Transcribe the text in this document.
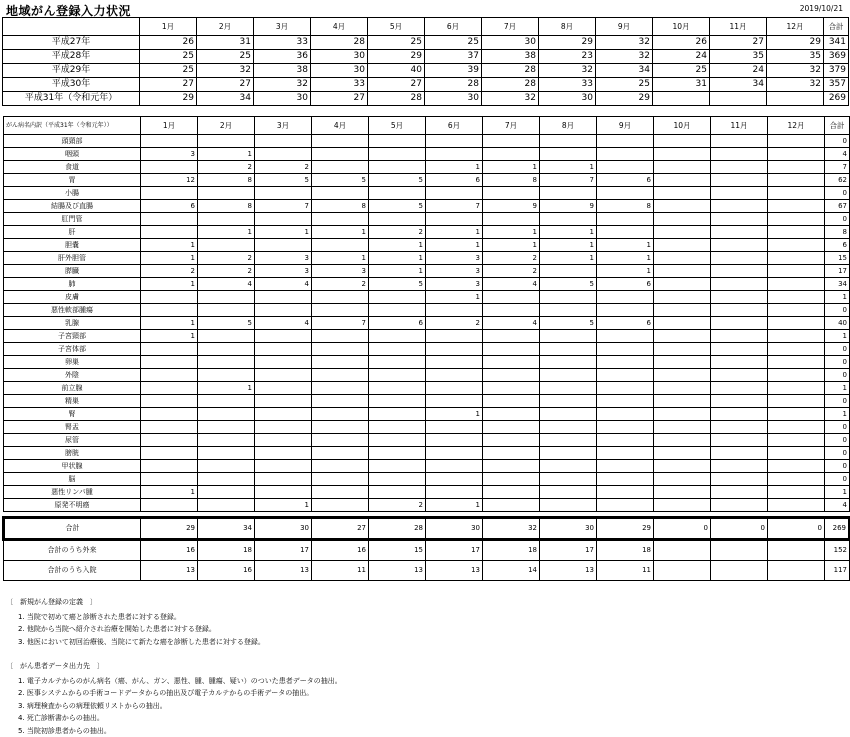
地域がん登録入力状況	2019/10/21
	1月	2月	3月	4月	5月	6月	7月	8月	9月	10月	11月	12月	合計
平成27年	26	31	33	28	25	25	30	29	32	26	27	29	341
平成28年	25	25	36	30	29	37	38	23	32	24	35	35	369
平成29年	25	32	38	30	40	39	28	32	34	25	24	32	379
平成30年	27	27	32	33	27	28	28	33	25	31	34	32	357
平成31年（令和元年）	29	34	30	27	28	30	32	30	29				269
がん病名内訳（平成31年（令和元年））	1月	2月	3月	4月	5月	6月	7月	8月	9月	10月	11月	12月	合計
頭頸部													0
咽頭	3	1											4
食道		2	2			1	1	1					7
胃	12	8	5	5	5	6	8	7	6				62
小腸													0
結腸及び直腸	6	8	7	8	5	7	9	9	8				67
肛門管													0
肝		1	1	1	2	1	1	1					8
胆嚢	1				1	1	1	1	1				6
肝外胆管	1	2	3	1	1	3	2	1	1				15
膵臓	2	2	3	3	1	3	2		1				17
肺	1	4	4	2	5	3	4	5	6				34
皮膚						1							1
悪性軟部腫瘍													0
乳腺	1	5	4	7	6	2	4	5	6				40
子宮頸部	1												1
子宮体部													0
卵巣													0
外陰													0
前立腺		1											1
精巣													0
腎						1							1
腎盂													0
尿管													0
膀胱													0
甲状腺													0
脳													0
悪性リンパ腫	1												1
原発不明癌			1		2	1							4

合計	29	34	30	27	28	30	32	30	29	0	0	0	269
合計のうち外来	16	18	17	16	15	17	18	17	18				152
合計のうち入院	13	16	13	11	13	13	14	13	11				117
〔　新規がん登録の定義　〕
1. 当院で初めて癌と診断された患者に対する登録。
2. 他院から当院へ紹介され治療を開始した患者に対する登録。
3. 他医において初回治療後、当院にて新たな癌を診断した患者に対する登録。
〔　がん患者データ出力先　〕
1. 電子カルテからのがん病名（癌、がん、ガン、悪性、腫、腫瘍、疑い）のついた患者データの抽出。
2. 医事システムからの手術コードデータからの抽出及び電子カルテからの手術データの抽出。
3. 病理検査からの病理依頼リストからの抽出。
4. 死亡診断書からの抽出。
5. 当院初診患者からの抽出。
